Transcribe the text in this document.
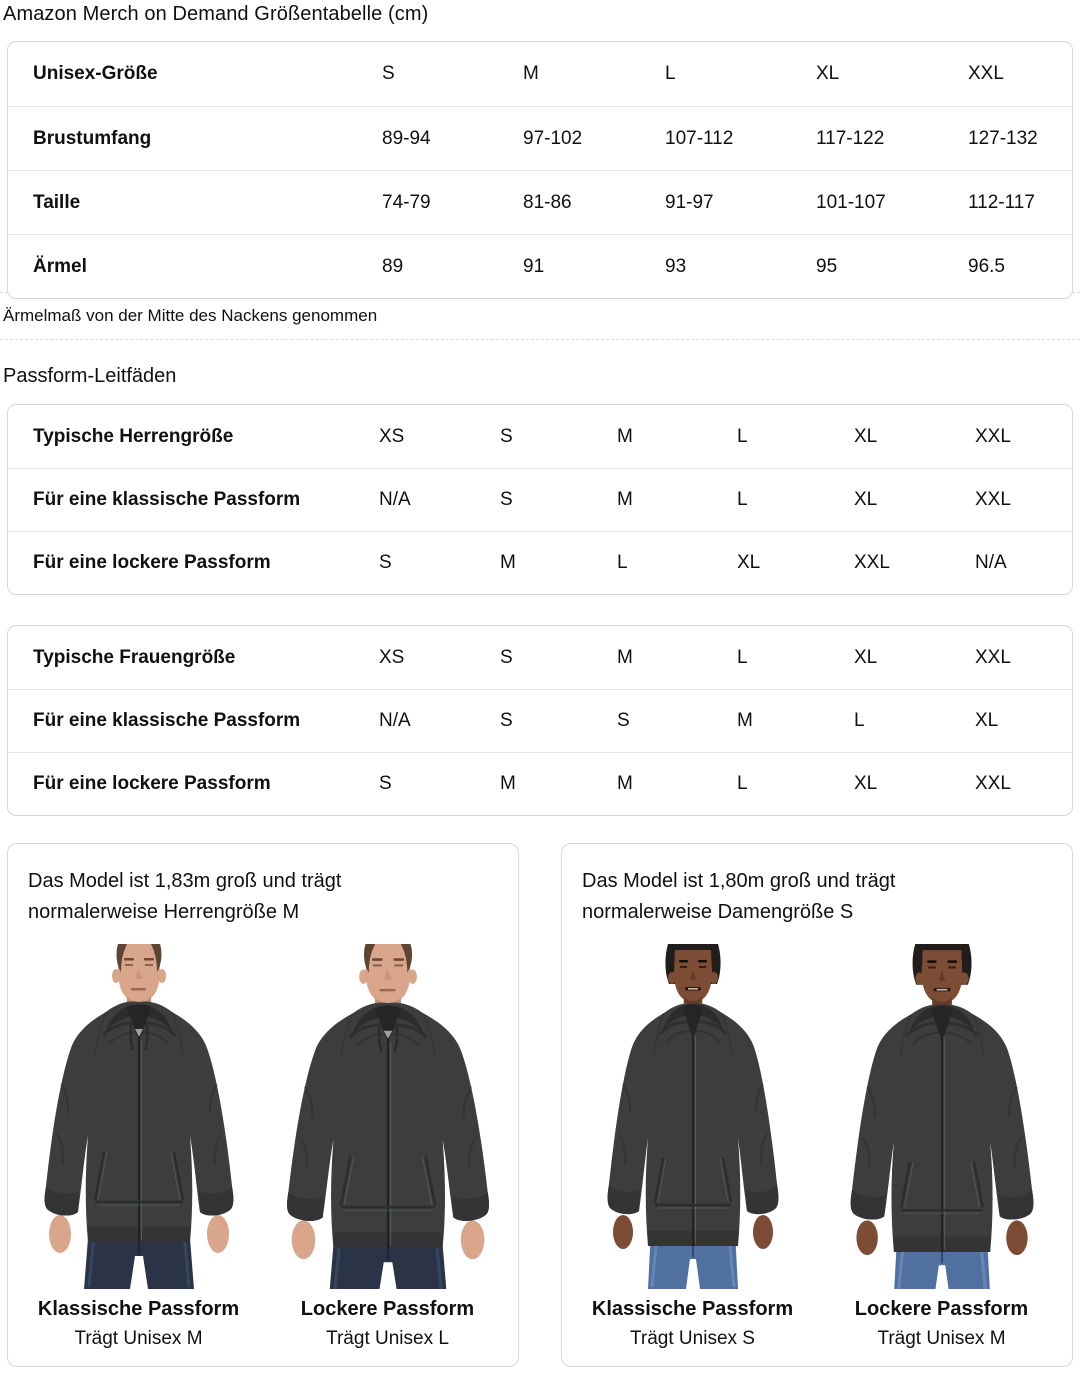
Amazon Merch on Demand Größentabelle (cm)
Unisex-Größe	S	M	L	XL	XXL
Brustumfang	89-94	97-102	107-112	117-122	127-132
Taille	74-79	81-86	91-97	101-107	112-117
Ärmel	89	91	93	95	96.5

Ärmelmaß von der Mitte des Nackens genommen

Passform-Leitfäden
Typische Herrengröße	XS	S	M	L	XL	XXL
Für eine klassische Passform	N/A	S	M	L	XL	XXL
Für eine lockere Passform	S	M	L	XL	XXL	N/A
Typische Frauengröße	XS	S	M	L	XL	XXL
Für eine klassische Passform	N/A	S	S	M	L	XL
Für eine lockere Passform	S	M	M	L	XL	XXL
Das Model ist 1,83m groß und trägt
normalerweise Herrengröße M
Klassische Passform
Trägt Unisex M
Lockere Passform
Trägt Unisex L
Das Model ist 1,80m groß und trägt
normalerweise Damengröße S
Klassische Passform
Trägt Unisex S
Lockere Passform
Trägt Unisex M
